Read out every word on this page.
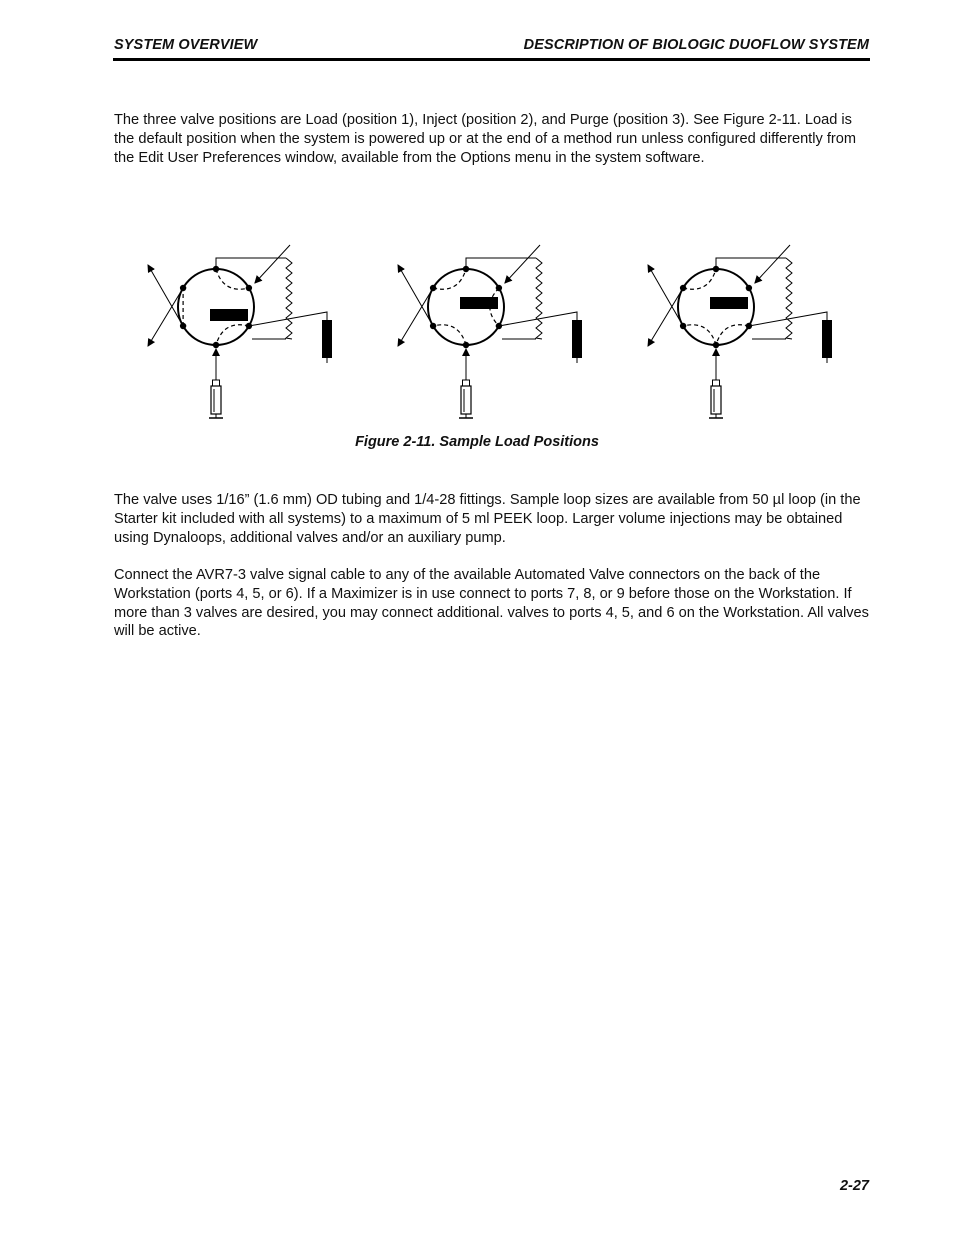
SYSTEM OVERVIEW	DESCRIPTION OF BIOLOGIC DUOFLOW SYSTEM

The three valve positions are Load (position 1), Inject (position 2), and Purge (position 3). See Figure 2-11. Load is the default position when the system is powered up or at the end of a method run unless configured differently from the Edit User Preferences window, available from the Options menu in the system software.

Figure 2-11. Sample Load Positions

The valve uses 1/16” (1.6 mm) OD tubing and 1/4-28 fittings. Sample loop sizes are available from 50 µl loop (in the Starter kit included with all systems) to a maximum of 5 ml PEEK loop. Larger volume injections may be obtained using Dynaloops, additional valves and/or an auxiliary pump.

Connect the AVR7-3 valve signal cable to any of the available Automated Valve connectors on the back of the Workstation (ports 4, 5, or 6). If a Maximizer is in use connect to ports 7, 8, or 9 before those on the Workstation. If more than 3 valves are desired, you may connect additional. valves to ports 4, 5, and 6 on the Workstation. All valves will be active.

2-27
